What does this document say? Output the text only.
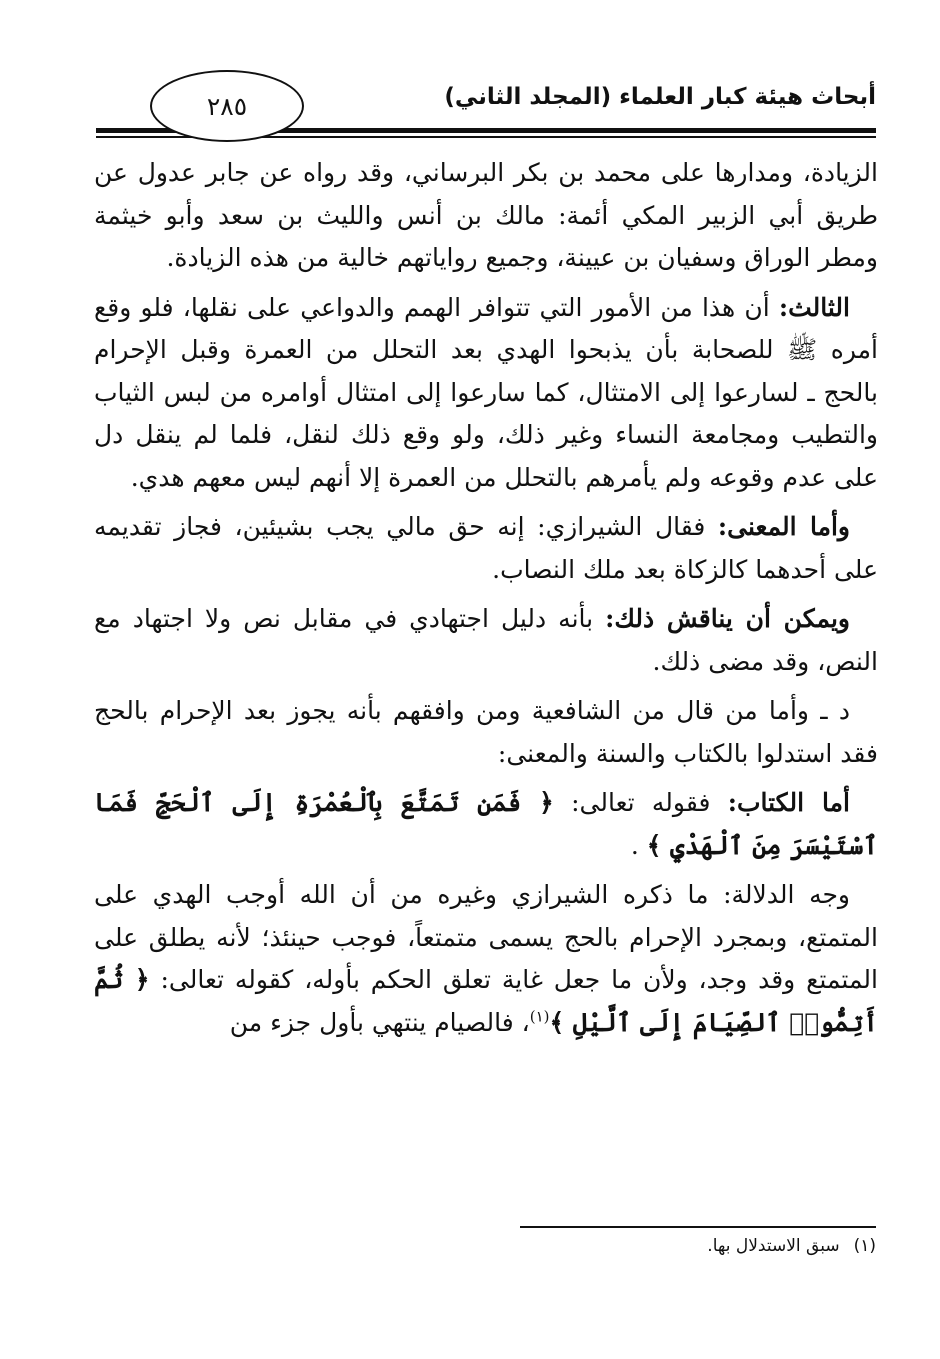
أبحاث هيئة كبار العلماء (المجلد الثاني)
٢٨٥

الزيادة، ومدارها على محمد بن بكر البرساني، وقد رواه عن جابر عدول عن طريق أبي الزبير المكي أئمة: مالك بن أنس والليث بن سعد وأبو خيثمة ومطر الوراق وسفيان بن عيينة، وجميع رواياتهم خالية من هذه الزيادة.

الثالث: أن هذا من الأمور التي تتوافر الهمم والدواعي على نقلها، فلو وقع أمره ﷺ للصحابة بأن يذبحوا الهدي بعد التحلل من العمرة وقبل الإحرام بالحج ـ لسارعوا إلى الامتثال، كما سارعوا إلى امتثال أوامره من لبس الثياب والتطيب ومجامعة النساء وغير ذلك، ولو وقع ذلك لنقل، فلما لم ينقل دل على عدم وقوعه ولم يأمرهم بالتحلل من العمرة إلا أنهم ليس معهم هدي.

وأما المعنى: فقال الشيرازي: إنه حق مالي يجب بشيئين، فجاز تقديمه على أحدهما كالزكاة بعد ملك النصاب.

ويمكن أن يناقش ذلك: بأنه دليل اجتهادي في مقابل نص ولا اجتهاد مع النص، وقد مضى ذلك.

د ـ وأما من قال من الشافعية ومن وافقهم بأنه يجوز بعد الإحرام بالحج فقد استدلوا بالكتاب والسنة والمعنى:

أما الكتاب: فقوله تعالى: ﴿ فَمَن تَمَتَّعَ بِٱلْعُمْرَةِ إِلَى ٱلْحَجِّ فَمَا ٱسْتَيْسَرَ مِنَ ٱلْهَدْيِ ﴾ .

وجه الدلالة: ما ذكره الشيرازي وغيره من أن الله أوجب الهدي على المتمتع، وبمجرد الإحرام بالحج يسمى متمتعاً، فوجب حينئذ؛ لأنه يطلق على المتمتع وقد وجد، ولأن ما جعل غاية تعلق الحكم بأوله، كقوله تعالى: ﴿ ثُمَّ أَتِمُّوا۟ ٱلصِّيَامَ إِلَى ٱلَّيْلِ ﴾$^{(١)}$، فالصيام ينتهي بأول جزء من

(١)سبق الاستدلال بها.
